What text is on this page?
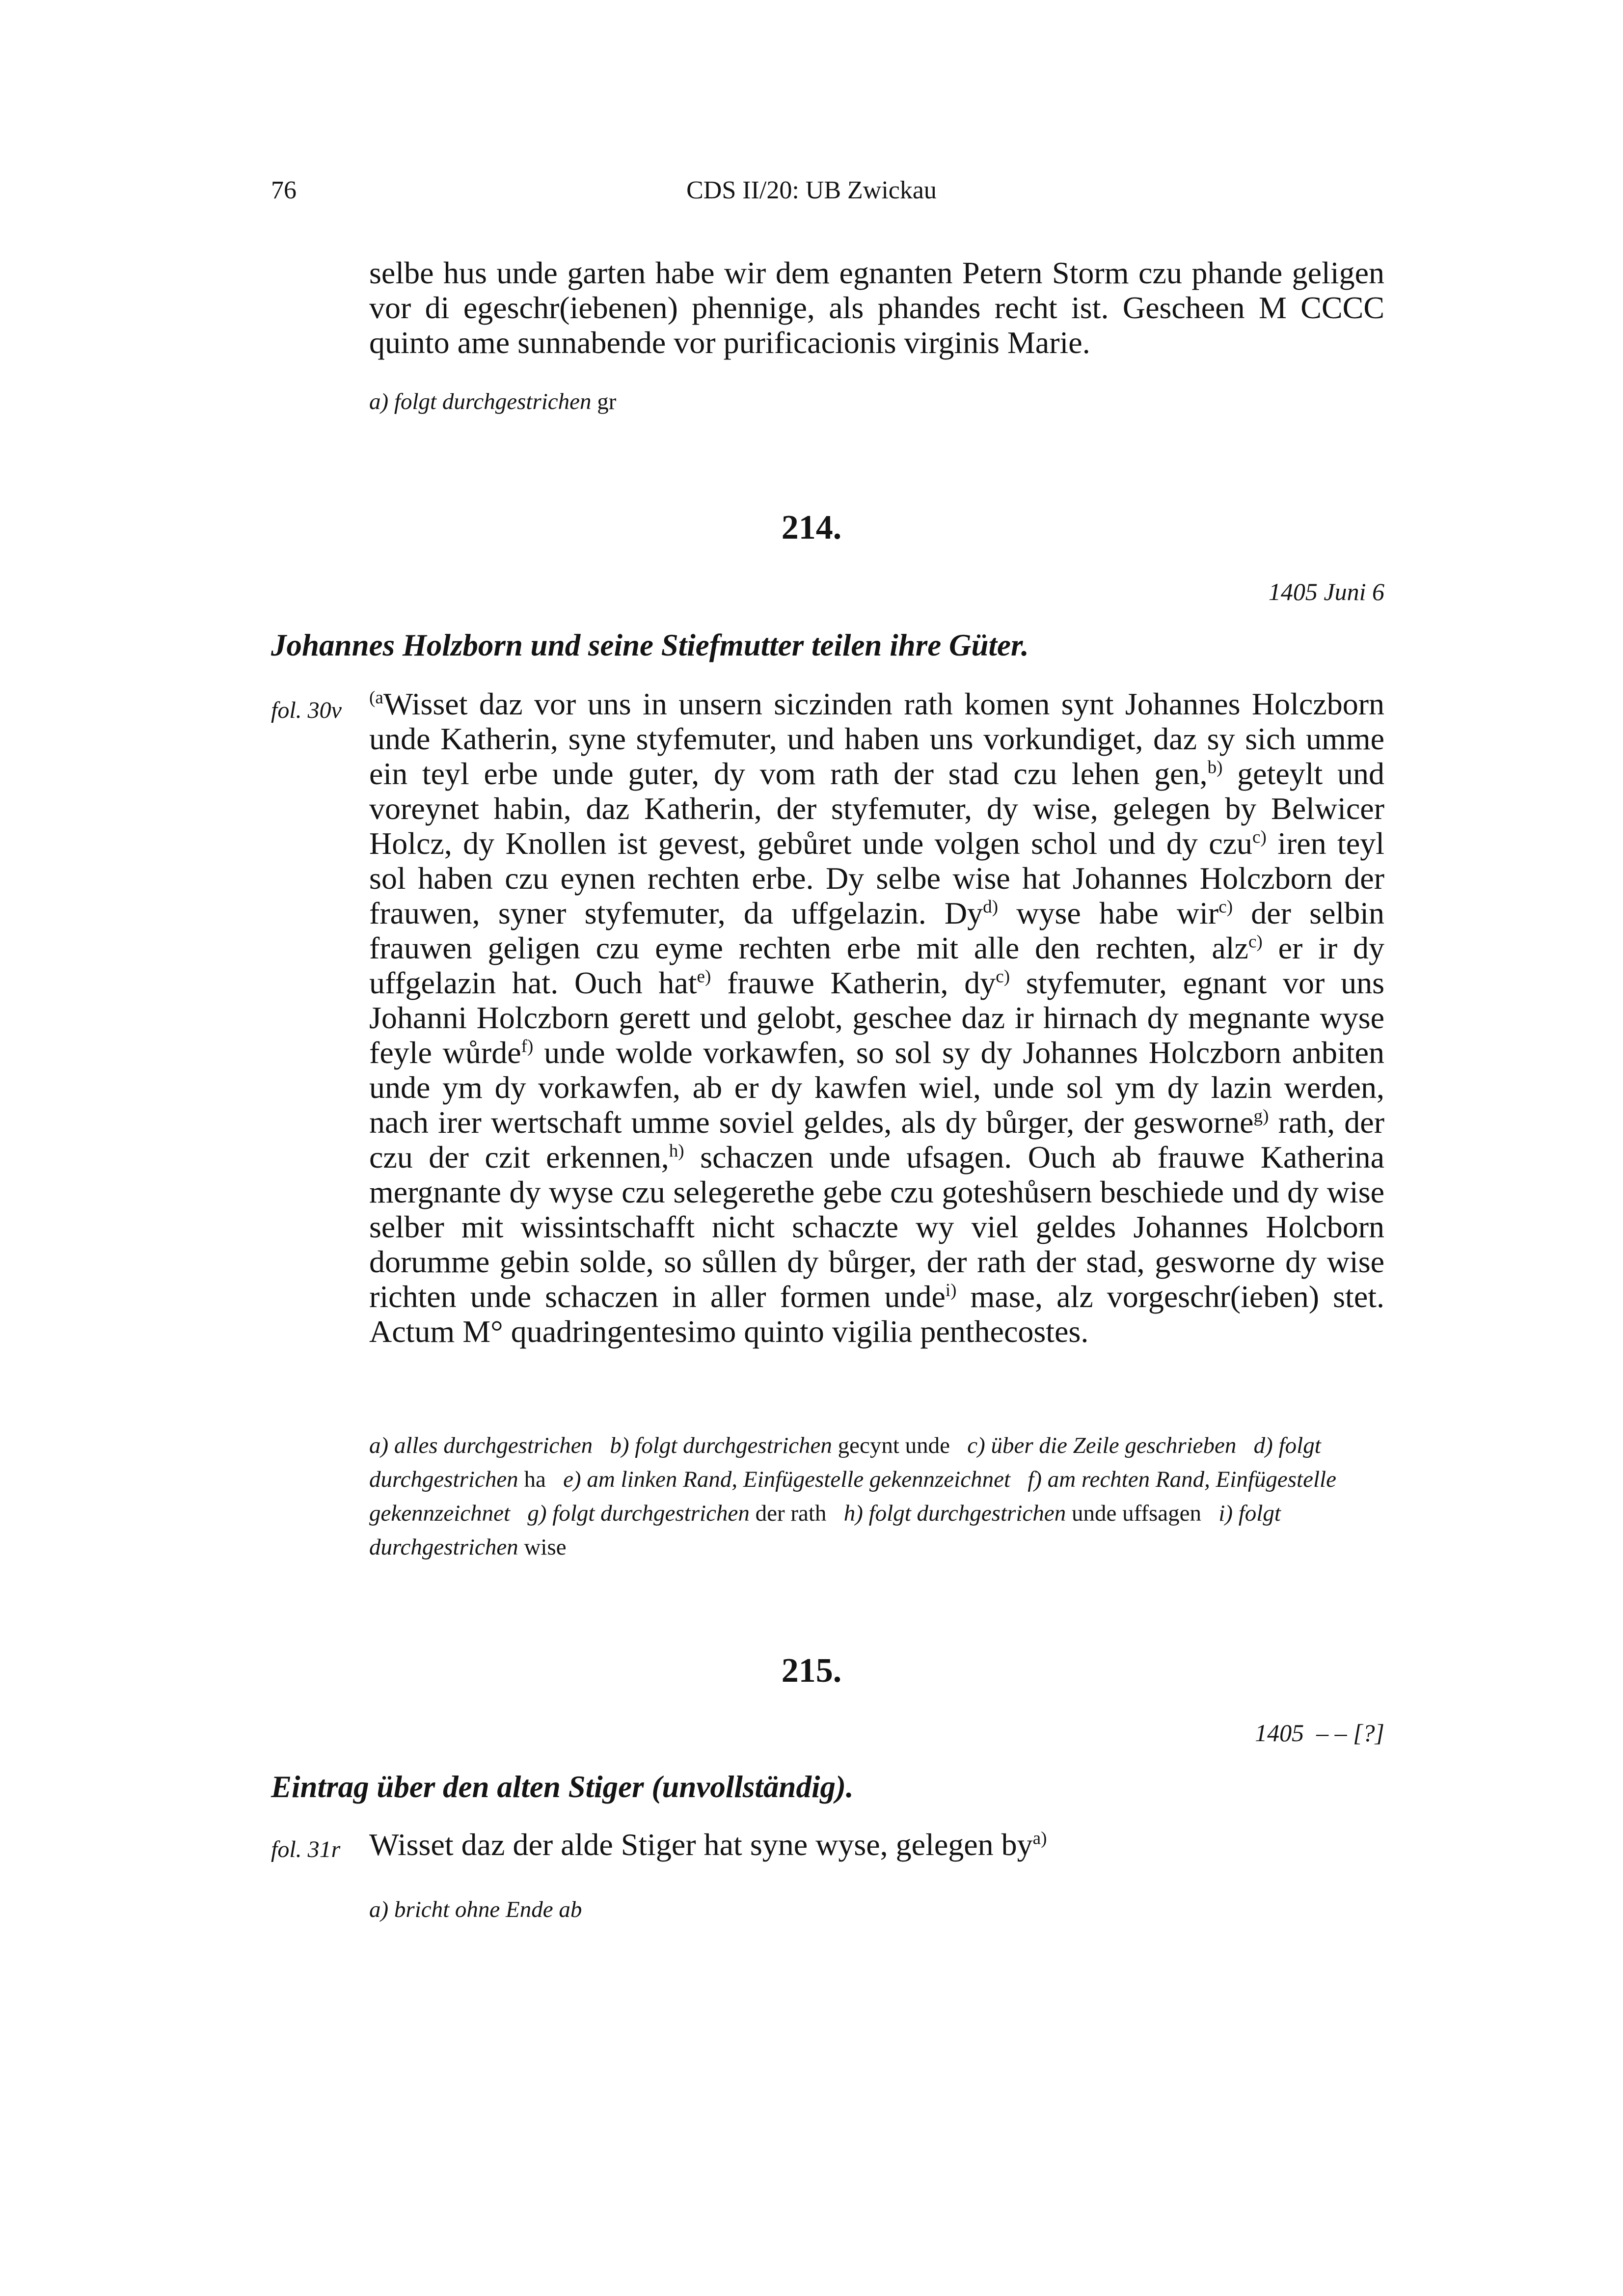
76	CDS II/20: UB Zwickau

selbe hus unde garten habe wir dem egnanten Petern Storm czu phande geligen vor di egeschr(iebenen) phennige, als phandes recht ist. Gescheen M CCCC quinto ame sunnabende vor purificacionis virginis Marie.

a) folgt durchgestrichen gr
214.
1405 Juni 6
Johannes Holzborn und seine Stiefmutter teilen ihre Güter.
fol. 30v $^{(a}$Wisset daz vor uns in unsern siczinden rath komen synt Johannes Holczborn unde Katherin, syne styfemuter, und haben uns vorkundiget, daz sy sich umme ein teyl erbe unde guter, dy vom rath der stad czu lehen gen,$^{b)}$ geteylt und voreynet habin, daz Katherin, der styfemuter, dy wise, gelegen by Belwicer Holcz, dy Knollen ist gevest, gebůret unde volgen schol und dy czu$^{c)}$ iren teyl sol haben czu eynen rechten erbe. Dy selbe wise hat Johannes Holczborn der frauwen, syner styfemuter, da uffgelazin. Dy$^{d)}$ wyse habe wir$^{c)}$ der selbin frauwen geligen czu eyme rechten erbe mit alle den rechten, alz$^{c)}$ er ir dy uffgelazin hat. Ouch hat$^{e)}$ frauwe Katherin, $dy^{c)}$ styfemuter, egnant vor uns Johanni Holczborn gerett und gelobt, geschee daz ir hirnach dy megnante wyse feyle wůrde$^{f)}$ unde wolde vorkawfen, so sol sy dy Johannes Holczborn anbiten unde ym dy vorkawfen, ab er dy kawfen wiel, unde sol ym dy lazin werden, nach irer wertschaft umme soviel geldes, als dy bůrger, der gesworne$^{g)}$ rath, der czu der czit erkennen,$^{h)}$ schaczen unde ufsagen. Ouch ab frauwe Katherina mergnante dy wyse czu selegerethe gebe czu goteshůsern beschiede und dy wise selber mit wissintschafft nicht schaczte wy viel geldes Johannes Holcborn dorumme gebin solde, so sůllen dy bůrger, der rath der stad, gesworne dy wise richten unde schaczen in aller formen unde$^{i)}$ mase, alz vorgeschr(ieben) stet. Actum M° quadringentesimo quinto vigilia penthecostes.

a) alles durchgestrichen b) folgt durchgestrichen gecynt unde c) über die Zeile geschrieben d) folgt durchgestrichen ha e) am linken Rand, Einfügestelle gekennzeichnet f) am rechten Rand, Einfügestelle gekennzeichnet g) folgt durchgestrichen der rath h) folgt durchgestrichen unde uffsagen i) folgt durchgestrichen wise
215.
1405  – – [?]
Eintrag über den alten Stiger (unvollständig).
fol. 31r Wisset daz der alde Stiger hat syne wyse, gelegen $by^{a)}$

a) bricht ohne Ende ab
